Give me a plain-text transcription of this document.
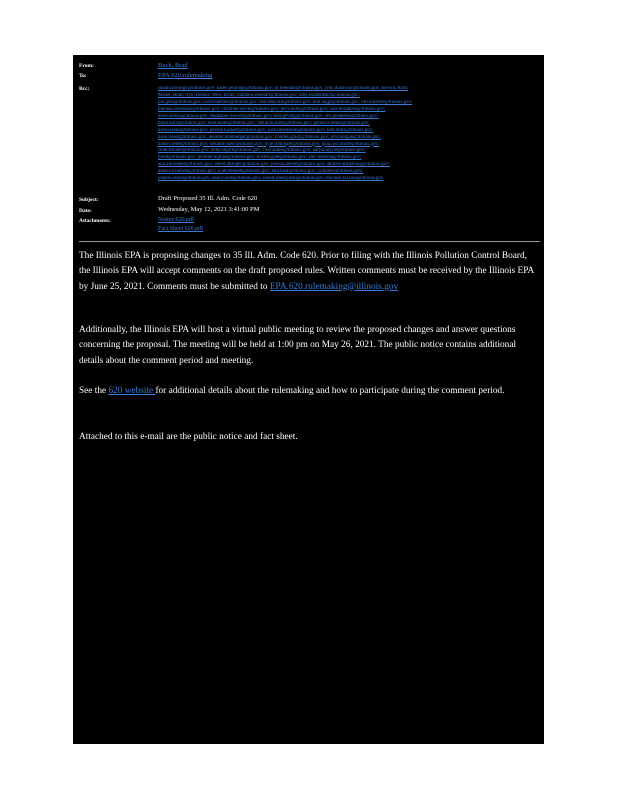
From:	Buck, Brad
To:	EPA.620.rulemaking
Bcc:	saudra.nwaogu@illinois.gov; karen.jennings@illinois.gov; jo.freeman@illinois.gov; lynn.dunaway@illinois.gov; Brown, Brad;
Mauer, Brad; Nye, Dennis; Weir, Brian; matthew.reinhart@illinois.gov; amy.walkenbach@illinois.gov;
jon.gotz@illinois.gov; carol.hammel@illinois.gov; dan.heacock@illinois.gov; kim.biggs@illinois.gov; bill.buscher@illinois.gov;
thomas.hornshaw@illinois.gov; christine.zeivel@illinois.gov; jerry.kuhn@illinois.gov; sara.terranova@illinois.gov;
dawn.hollis@illinois.gov; stephanie.flowers@illinois.gov; kim.geving@illinois.gov; rex.gradeless@illinois.gov;
brian.koch@illinois.gov; kent.mohr@illinois.gov; melinda.shaw@illinois.gov; gerald.willhite@illinois.gov;
kevin.lesko@illinois.gov; jeremy.hackert@illinois.gov; josh.rubenstein@illinois.gov; tom.mills@illinois.gov;
dave.rieser@illinois.gov; jennifer.bomberger@illinois.gov; charles.grady@illinois.gov; jim.morgan@illinois.gov;
daniel.deeb@illinois.gov; stefanie.diers@illinois.gov; kyle.rominger@illinois.gov; gina.roccaforte@illinois.gov;
chad.fischer@illinois.gov; abby.allgire@illinois.gov; fred.andes@illinois.gov; katy.khayyat@illinois.gov;
jtrent@illinois.gov; jennifer.nijman@illinois.gov; kristen.gale@illinois.gov; alec.messina@illinois.gov;
ann.alexander@illinois.gov; albert.ettinger@illinois.gov; jessica.dexter@illinois.gov; andrew.armstrong@illinois.gov;
daniel.schulson@illinois.gov; scott.bennett@illinois.gov; tara.hnat@illinois.gov; jwhitney@illinois.gov;
joanne.olson@illinois.gov; nancy.loeb@illinois.gov; wendy.kleszynski@illinois.gov; michael.lazzara@illinois.gov
Subject:	Draft Proposed 35 Ill. Adm. Code 620
Date:	Wednesday, May 12, 2021 3:41:00 PM
Attachments:	Notice 620.pdf
Fact Sheet 620.pdf

The Illinois EPA is proposing changes to 35 Ill. Adm. Code 620. Prior to filing with the Illinois Pollution Control Board, the Illinois EPA will accept comments on the draft proposed rules. Written comments must be received by the Illinois EPA by June 25, 2021. Comments must be submitted to EPA.620.rulemaking@illinois.gov

Additionally, the Illinois EPA will host a virtual public meeting to review the proposed changes and answer questions concerning the proposal. The meeting will be held at 1:00 pm on May 26, 2021. The public notice contains additional details about the comment period and meeting.

See the 620 website for additional details about the rulemaking and how to participate during the comment period.

Attached to this e-mail are the public notice and fact sheet.
